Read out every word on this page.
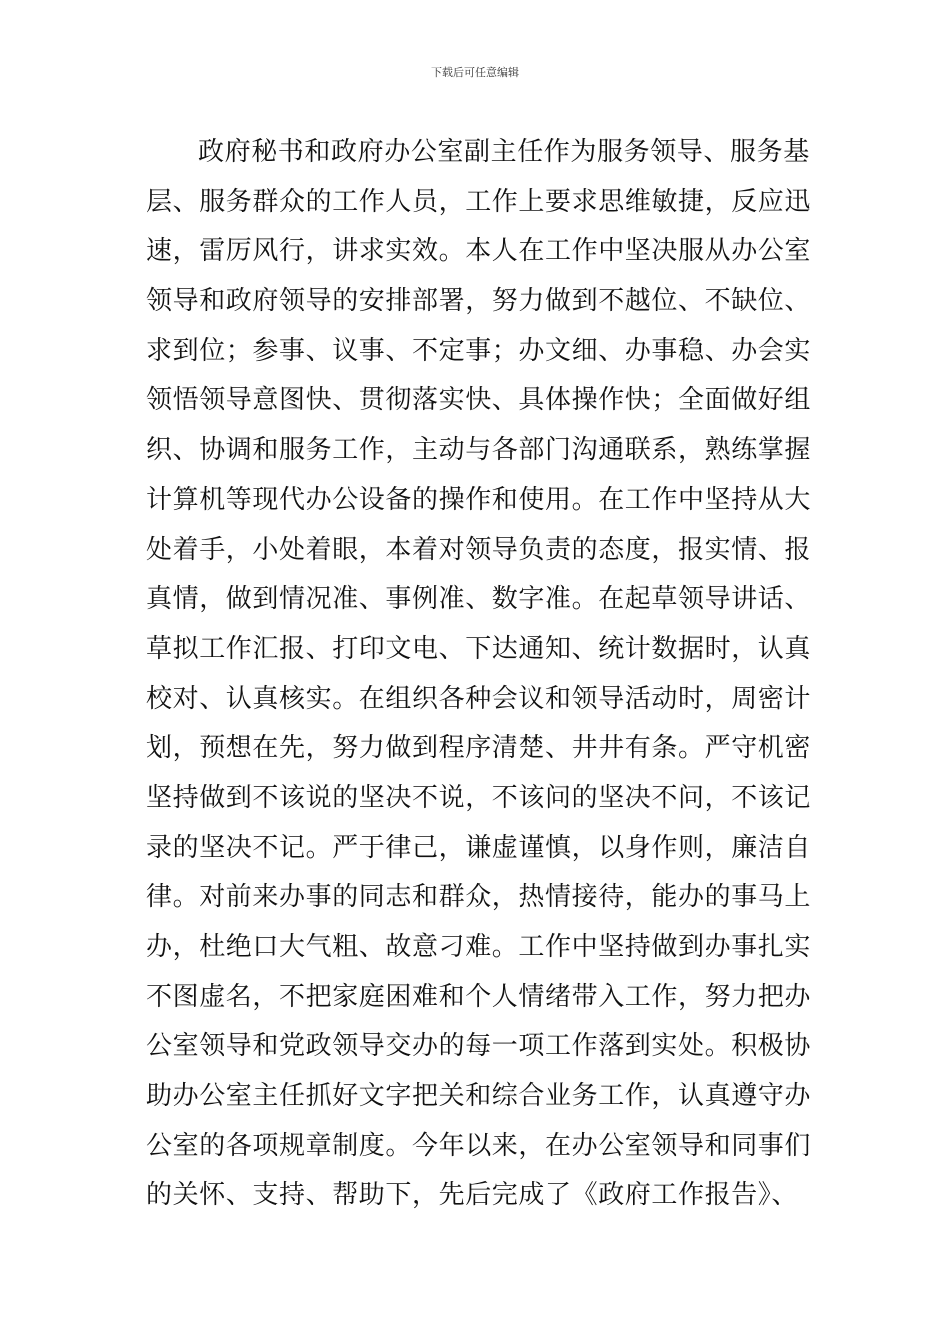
下载后可任意编辑
政府秘书和政府办公室副主任作为服务领导、服务基
层、服务群众的工作人员，工作上要求思维敏捷，反应迅
速，雷厉风行，讲求实效。本人在工作中坚决服从办公室
领导和政府领导的安排部署，努力做到不越位、不缺位、
求到位；参事、议事、不定事；办文细、办事稳、办会实
领悟领导意图快、贯彻落实快、具体操作快；全面做好组
织、协调和服务工作，主动与各部门沟通联系，熟练掌握
计算机等现代办公设备的操作和使用。在工作中坚持从大
处着手，小处着眼，本着对领导负责的态度，报实情、报
真情，做到情况准、事例准、数字准。在起草领导讲话、
草拟工作汇报、打印文电、下达通知、统计数据时，认真
校对、认真核实。在组织各种会议和领导活动时，周密计
划，预想在先，努力做到程序清楚、井井有条。严守机密
坚持做到不该说的坚决不说，不该问的坚决不问，不该记
录的坚决不记。严于律己，谦虚谨慎，以身作则，廉洁自
律。对前来办事的同志和群众，热情接待，能办的事马上
办，杜绝口大气粗、故意刁难。工作中坚持做到办事扎实
不图虚名，不把家庭困难和个人情绪带入工作，努力把办
公室领导和党政领导交办的每一项工作落到实处。积极协
助办公室主任抓好文字把关和综合业务工作，认真遵守办
公室的各项规章制度。今年以来，在办公室领导和同事们
的关怀、支持、帮助下，先后完成了《政府工作报告》、
